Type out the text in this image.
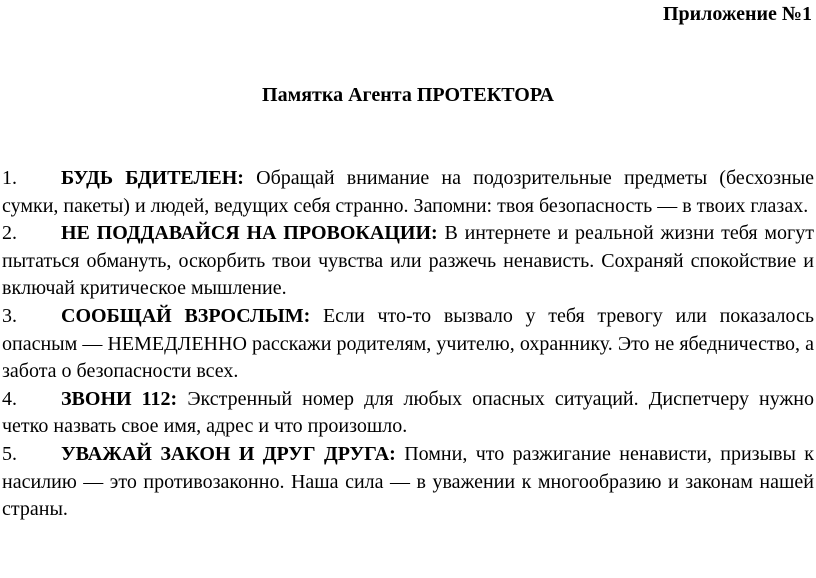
Приложение №1
Памятка Агента ПРОТЕКТОРА

1. БУДЬ БДИТЕЛЕН: Обращай внимание на подозрительные предметы (бесхозные сумки, пакеты) и людей, ведущих себя странно. Запомни: твоя безопасность — в твоих глазах.

2. НЕ ПОДДАВАЙСЯ НА ПРОВОКАЦИИ: В интернете и реальной жизни тебя могут пытаться обмануть, оскорбить твои чувства или разжечь ненависть. Сохраняй спокойствие и включай критическое мышление.

3. СООБЩАЙ ВЗРОСЛЫМ: Если что-то вызвало у тебя тревогу или показалось опасным — НЕМЕДЛЕННО расскажи родителям, учителю, охраннику. Это не ябедничество, а забота о безопасности всех.

4. ЗВОНИ 112: Экстренный номер для любых опасных ситуаций. Диспетчеру нужно четко назвать свое имя, адрес и что произошло.

5. УВАЖАЙ ЗАКОН И ДРУГ ДРУГА: Помни, что разжигание ненависти, призывы к насилию — это противозаконно. Наша сила — в уважении к многообразию и законам нашей страны.
